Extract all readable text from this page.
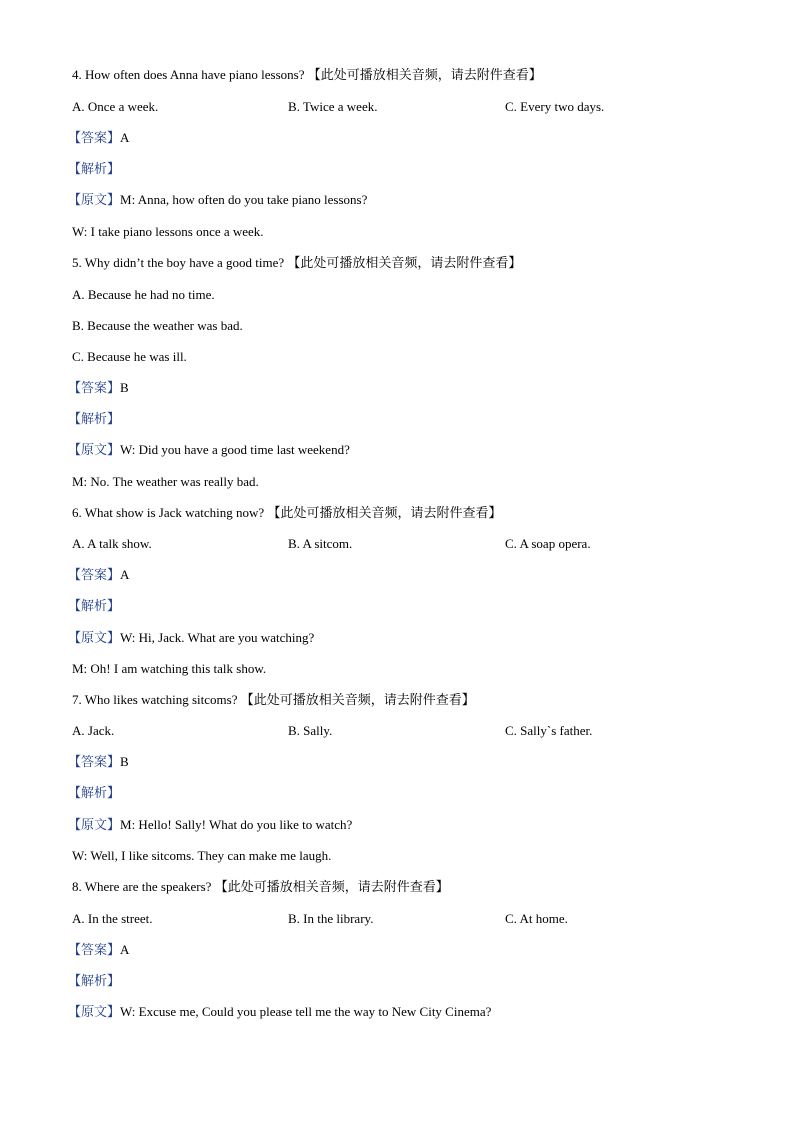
4. How often does Anna have piano lessons? 【此处可播放相关音频，请去附件查看】
A. Once a week.	B. Twice a week.	C. Every two days.
【答案】A
【解析】
【原文】M: Anna, how often do you take piano lessons?
W: I take piano lessons once a week.
5. Why didn’t the boy have a good time? 【此处可播放相关音频，请去附件查看】
A. Because he had no time.
B. Because the weather was bad.
C. Because he was ill.
【答案】B
【解析】
【原文】W: Did you have a good time last weekend?
M: No. The weather was really bad.
6. What show is Jack watching now? 【此处可播放相关音频，请去附件查看】
A. A talk show.	B. A sitcom.	C. A soap opera.
【答案】A
【解析】
【原文】W: Hi, Jack. What are you watching?
M: Oh! I am watching this talk show.
7. Who likes watching sitcoms? 【此处可播放相关音频，请去附件查看】
A. Jack.	B. Sally.	C. Sally`s father.
【答案】B
【解析】
【原文】M: Hello! Sally! What do you like to watch?
W: Well, I like sitcoms. They can make me laugh.
8. Where are the speakers? 【此处可播放相关音频，请去附件查看】
A. In the street.	B. In the library.	C. At home.
【答案】A
【解析】
【原文】W: Excuse me, Could you please tell me the way to New City Cinema?
